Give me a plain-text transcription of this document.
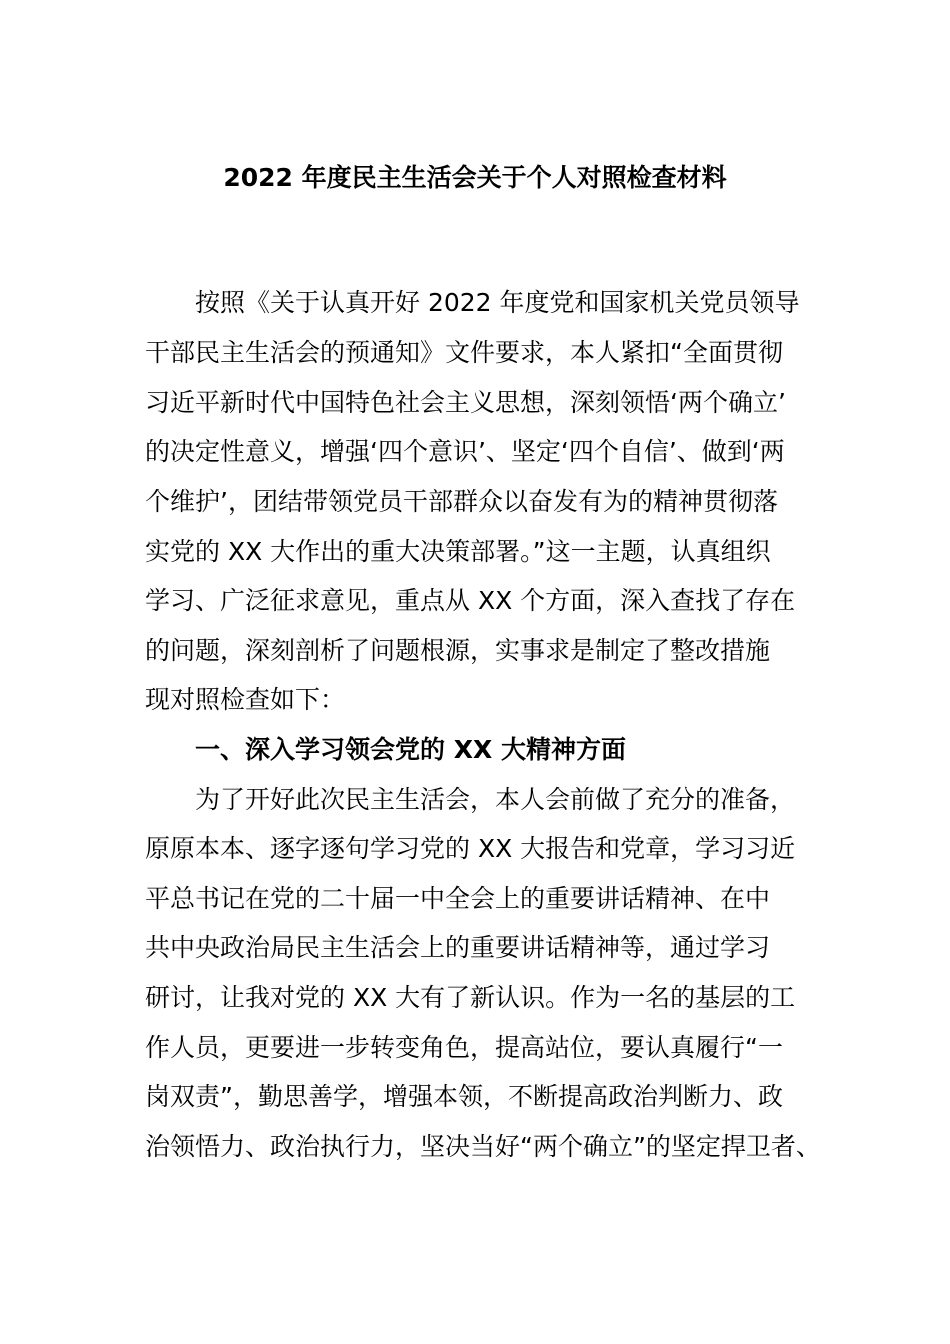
2022 年度民主生活会关于个人对照检查材料

按照《关于认真开好 2022 年度党和国家机关党员领导

干部民主生活会的预通知》文件要求，本人紧扣“全面贯彻

习近平新时代中国特色社会主义思想，深刻领悟‘两个确立’

的决定性意义，增强‘四个意识’、坚定‘四个自信’、做到‘两

个维护’，团结带领党员干部群众以奋发有为的精神贯彻落

实党的 XX 大作出的重大决策部署。”这一主题，认真组织

学习、广泛征求意见，重点从 XX 个方面，深入查找了存在

的问题，深刻剖析了问题根源，实事求是制定了整改措施

现对照检查如下：

一、深入学习领会党的 XX 大精神方面

为了开好此次民主生活会，本人会前做了充分的准备，

原原本本、逐字逐句学习党的 XX 大报告和党章，学习习近

平总书记在党的二十届一中全会上的重要讲话精神、在中

共中央政治局民主生活会上的重要讲话精神等，通过学习

研讨，让我对党的 XX 大有了新认识。作为一名的基层的工

作人员，更要进一步转变角色，提高站位，要认真履行“一

岗双责”，勤思善学，增强本领，不断提高政治判断力、政

治领悟力、政治执行力，坚决当好“两个确立”的坚定捍卫者、
